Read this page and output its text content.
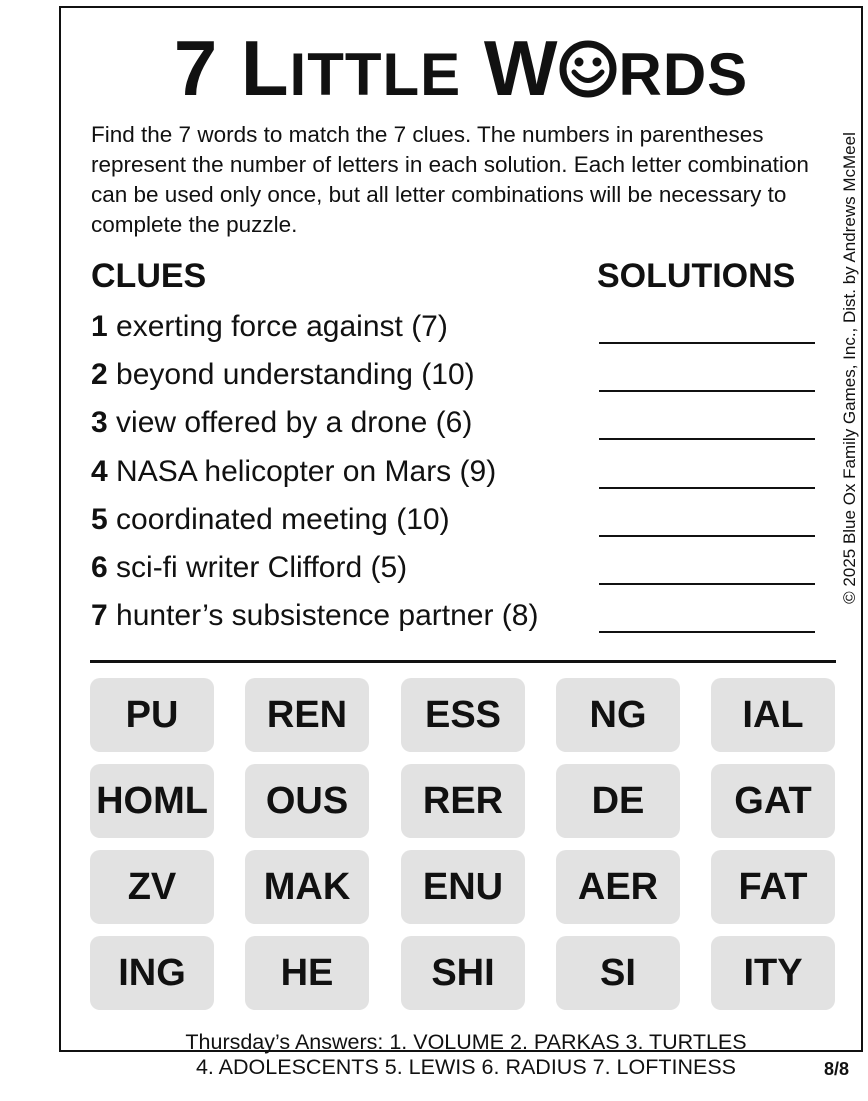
7 LITTLE W RDS
Find the 7 words to match the 7 clues. The numbers in parentheses represent the number of letters in each solution. Each letter combination can be used only once, but all letter combinations will be necessary to complete the puzzle.	© 2025 Blue Ox Family Games, Inc., Dist. by Andrews McMeel
CLUES	SOLUTIONS
1 exerting force against (7)
2 beyond understanding (10)
3 view offered by a drone (6)
4 NASA helicopter on Mars (9)
5 coordinated meeting (10)
6 sci-fi writer Clifford (5)
7 hunter’s subsistence partner (8)
PU	REN	ESS	NG	IAL
HOML	OUS	RER	DE	GAT
ZV	MAK	ENU	AER	FAT
ING	HE	SHI	SI	ITY
Thursday’s Answers: 1. VOLUME 2. PARKAS 3. TURTLES
4. ADOLESCENTS 5. LEWIS 6. RADIUS 7. LOFTINESS	8/8
